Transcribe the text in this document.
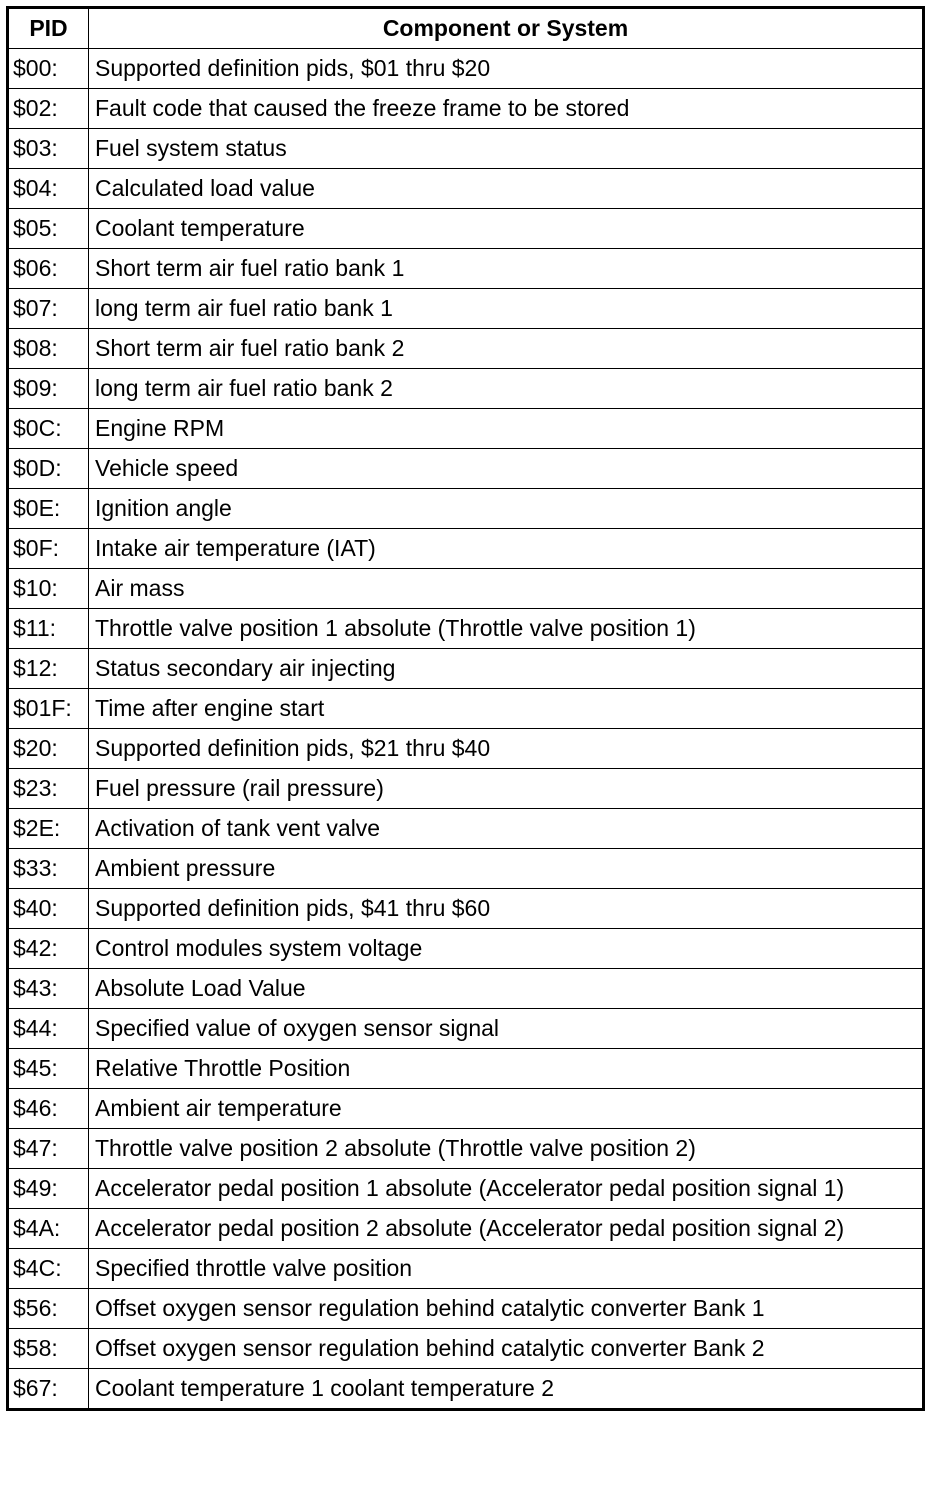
PID	Component or System
$00:	Supported definition pids, $01 thru $20
$02:	Fault code that caused the freeze frame to be stored
$03:	Fuel system status
$04:	Calculated load value
$05:	Coolant temperature
$06:	Short term air fuel ratio bank 1
$07:	long term air fuel ratio bank 1
$08:	Short term air fuel ratio bank 2
$09:	long term air fuel ratio bank 2
$0C:	Engine RPM
$0D:	Vehicle speed
$0E:	Ignition angle
$0F:	Intake air temperature (IAT)
$10:	Air mass
$11:	Throttle valve position 1 absolute (Throttle valve position 1)
$12:	Status secondary air injecting
$01F:	Time after engine start
$20:	Supported definition pids, $21 thru $40
$23:	Fuel pressure (rail pressure)
$2E:	Activation of tank vent valve
$33:	Ambient pressure
$40:	Supported definition pids, $41 thru $60
$42:	Control modules system voltage
$43:	Absolute Load Value
$44:	Specified value of oxygen sensor signal
$45:	Relative Throttle Position
$46:	Ambient air temperature
$47:	Throttle valve position 2 absolute (Throttle valve position 2)
$49:	Accelerator pedal position 1 absolute (Accelerator pedal position signal 1)
$4A:	Accelerator pedal position 2 absolute (Accelerator pedal position signal 2)
$4C:	Specified throttle valve position
$56:	Offset oxygen sensor regulation behind catalytic converter Bank 1
$58:	Offset oxygen sensor regulation behind catalytic converter Bank 2
$67:	Coolant temperature 1 coolant temperature 2
